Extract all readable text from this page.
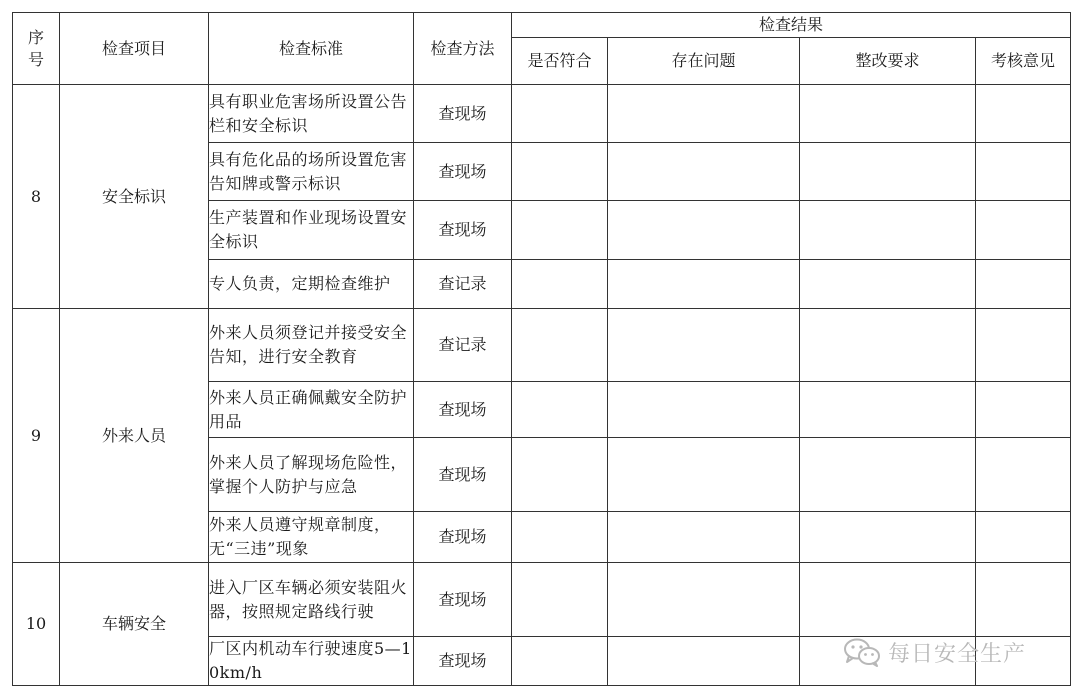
序号	检查项目	检查标准	检查方法	检查结果			
				是否符合	存在问题	整改要求	考核意见
8	安全标识	具有职业危害场所设置公告栏和安全标识	查现场				
		具有危化品的场所设置危害告知牌或警示标识	查现场				
		生产装置和作业现场设置安全标识	查现场				
		专人负责，定期检查维护	查记录				
9	外来人员	外来人员须登记并接受安全告知，进行安全教育	查记录				
		外来人员正确佩戴安全防护用品	查现场				
		外来人员了解现场危险性，掌握个人防护与应急	查现场				
		外来人员遵守规章制度，无“三违”现象	查现场				
10	车辆安全	进入厂区车辆必须安装阻火器，按照规定路线行驶	查现场				
		厂区内机动车行驶速度5—10km/h	查现场					每日安全生产
